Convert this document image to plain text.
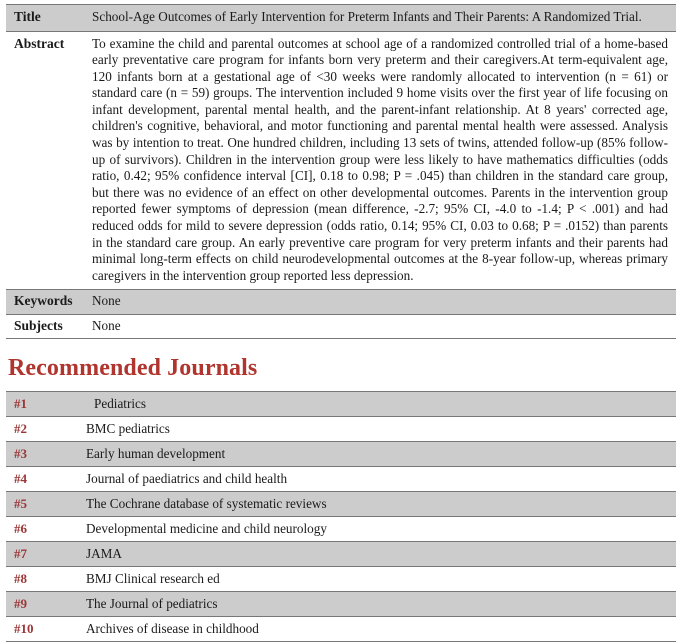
Title	School-Age Outcomes of Early Intervention for Preterm Infants and Their Parents: A Randomized Trial.
Abstract	To examine the child and parental outcomes at school age of a randomized controlled trial of a home-based early preventative care program for infants born very preterm and their caregivers.At term-equivalent age, 120 infants born at a gestational age of <30 weeks were randomly allocated to intervention (n = 61) or standard care (n = 59) groups. The intervention included 9 home visits over the first year of life focusing on infant development, parental mental health, and the parent-infant relationship. At 8 years' corrected age, children's cognitive, behavioral, and motor functioning and parental mental health were assessed. Analysis was by intention to treat. One hundred children, including 13 sets of twins, attended follow-up (85% follow-up of survivors). Children in the intervention group were less likely to have mathematics difficulties (odds ratio, 0.42; 95% confidence interval [CI], 0.18 to 0.98; P = .045) than children in the standard care group, but there was no evidence of an effect on other developmental outcomes. Parents in the intervention group reported fewer symptoms of depression (mean difference, -2.7; 95% CI, -4.0 to -1.4; P < .001) and had reduced odds for mild to severe depression (odds ratio, 0.14; 95% CI, 0.03 to 0.68; P = .0152) than parents in the standard care group. An early preventive care program for very preterm infants and their parents had minimal long-term effects on child neurodevelopmental outcomes at the 8-year follow-up, whereas primary caregivers in the intervention group reported less depression.
Keywords	None
Subjects	None
Recommended Journals
#1	Pediatrics
#2	BMC pediatrics
#3	Early human development
#4	Journal of paediatrics and child health
#5	The Cochrane database of systematic reviews
#6	Developmental medicine and child neurology
#7	JAMA
#8	BMJ Clinical research ed
#9	The Journal of pediatrics
#10	Archives of disease in childhood
